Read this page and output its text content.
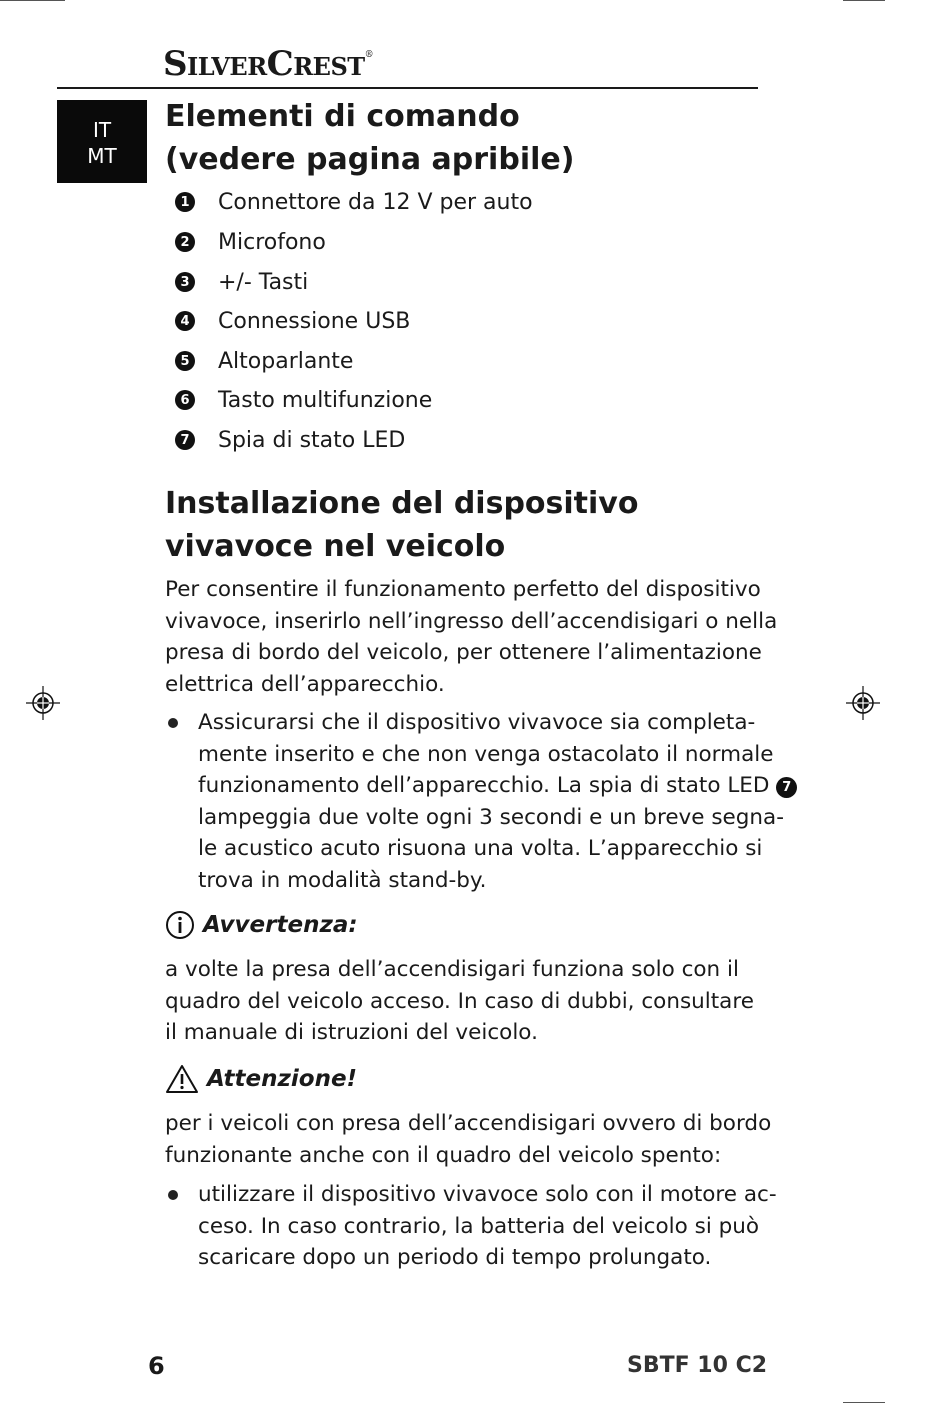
SilverCrest®
IT
MT
Elementi di comando
(vedere pagina apribile)
1 Connettore da 12 V per auto
2 Microfono
3 +/- Tasti
4 Connessione USB
5 Altoparlante
6 Tasto multifunzione
7 Spia di stato LED
Installazione del dispositivo
vivavoce nel veicolo
Per consentire il funzionamento perfetto del dispositivo
vivavoce, inserirlo nell’ingresso dell’accendisigari o nella
presa di bordo del veicolo, per ottenere l’alimentazione
elettrica dell’apparecchio.
Assicurarsi che il dispositivo vivavoce sia completa-
mente inserito e che non venga ostacolato il normale
funzionamento dell’apparecchio. La spia di stato LED 7
lampeggia due volte ogni 3 secondi e un breve segna-
le acustico acuto risuona una volta. L’apparecchio si
trova in modalità stand-by.
Avvertenza:
a volte la presa dell’accendisigari funziona solo con il
quadro del veicolo acceso. In caso di dubbi, consultare
il manuale di istruzioni del veicolo.
Attenzione!
per i veicoli con presa dell’accendisigari ovvero di bordo
funzionante anche con il quadro del veicolo spento:
utilizzare il dispositivo vivavoce solo con il motore ac-
ceso. In caso contrario, la batteria del veicolo si può
scaricare dopo un periodo di tempo prolungato.
6	SBTF 10 C2
